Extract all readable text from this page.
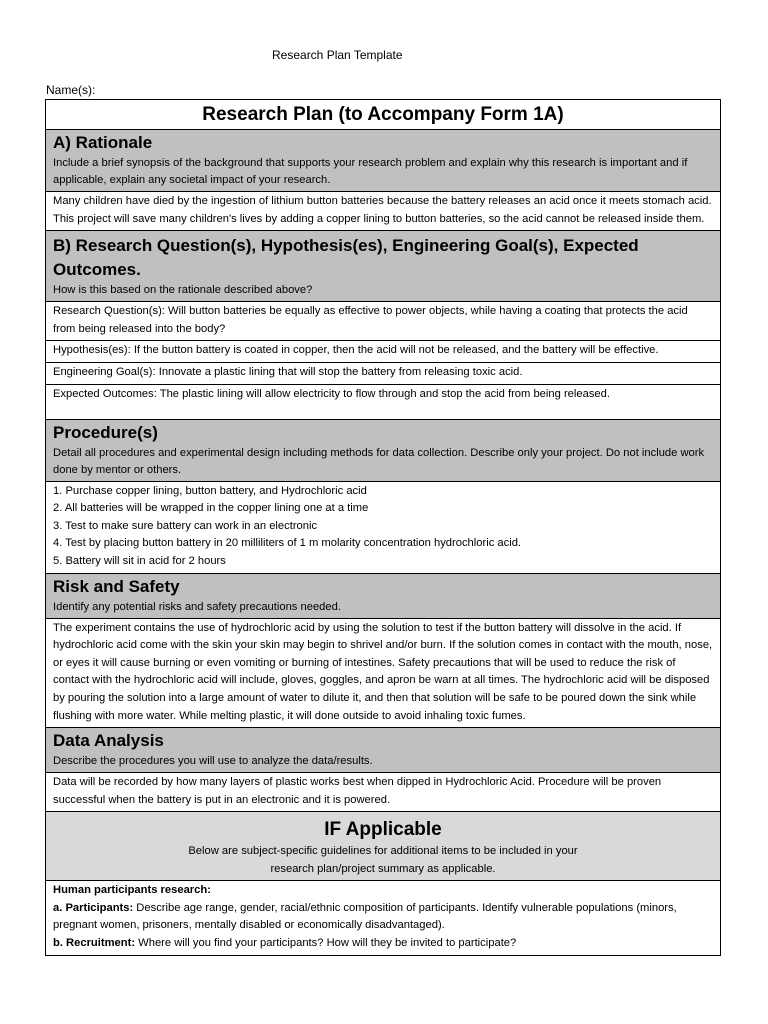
Research Plan Template
Name(s):
Research Plan (to Accompany Form 1A)
A) Rationale
Include a brief synopsis of the background that supports your research problem and explain why this research is important and if applicable, explain any societal impact of your research.
Many children have died by the ingestion of lithium button batteries because the battery releases an acid once it meets stomach acid. This project will save many children's lives by adding a copper lining to button batteries, so the acid cannot be released inside them.
B) Research Question(s), Hypothesis(es), Engineering Goal(s), Expected Outcomes.
How is this based on the rationale described above?
Research Question(s): Will button batteries be equally as effective to power objects, while having a coating that protects the acid from being released into the body?
Hypothesis(es): If the button battery is coated in copper, then the acid will not be released, and the battery will be effective.
Engineering Goal(s): Innovate a plastic lining that will stop the battery from releasing toxic acid.
Expected Outcomes: The plastic lining will allow electricity to flow through and stop the acid from being released.
Procedure(s)
Detail all procedures and experimental design including methods for data collection. Describe only your project. Do not include work done by mentor or others.
1. Purchase copper lining, button battery, and Hydrochloric acid
2. All batteries will be wrapped in the copper lining one at a time
3. Test to make sure battery can work in an electronic
4. Test by placing button battery in 20 milliliters of 1 m molarity concentration hydrochloric acid.
5. Battery will sit in acid for 2 hours
Risk and Safety
Identify any potential risks and safety precautions needed.
The experiment contains the use of hydrochloric acid by using the solution to test if the button battery will dissolve in the acid. If hydrochloric acid come with the skin your skin may begin to shrivel and/or burn. If the solution comes in contact with the mouth, nose, or eyes it will cause burning or even vomiting or burning of intestines. Safety precautions that will be used to reduce the risk of contact with the hydrochloric acid will include, gloves, goggles, and apron be warn at all times. The hydrochloric acid will be disposed by pouring the solution into a large amount of water to dilute it, and then that solution will be safe to be poured down the sink while flushing with more water. While melting plastic, it will done outside to avoid inhaling toxic fumes.
Data Analysis
Describe the procedures you will use to analyze the data/results.
Data will be recorded by how many layers of plastic works best when dipped in Hydrochloric Acid. Procedure will be proven successful when the battery is put in an electronic and it is powered.
IF Applicable
Below are subject-specific guidelines for additional items to be included in your
research plan/project summary as applicable.
Human participants research:
a. Participants: Describe age range, gender, racial/ethnic composition of participants. Identify vulnerable populations (minors, pregnant women, prisoners, mentally disabled or economically disadvantaged).
b. Recruitment: Where will you find your participants? How will they be invited to participate?
